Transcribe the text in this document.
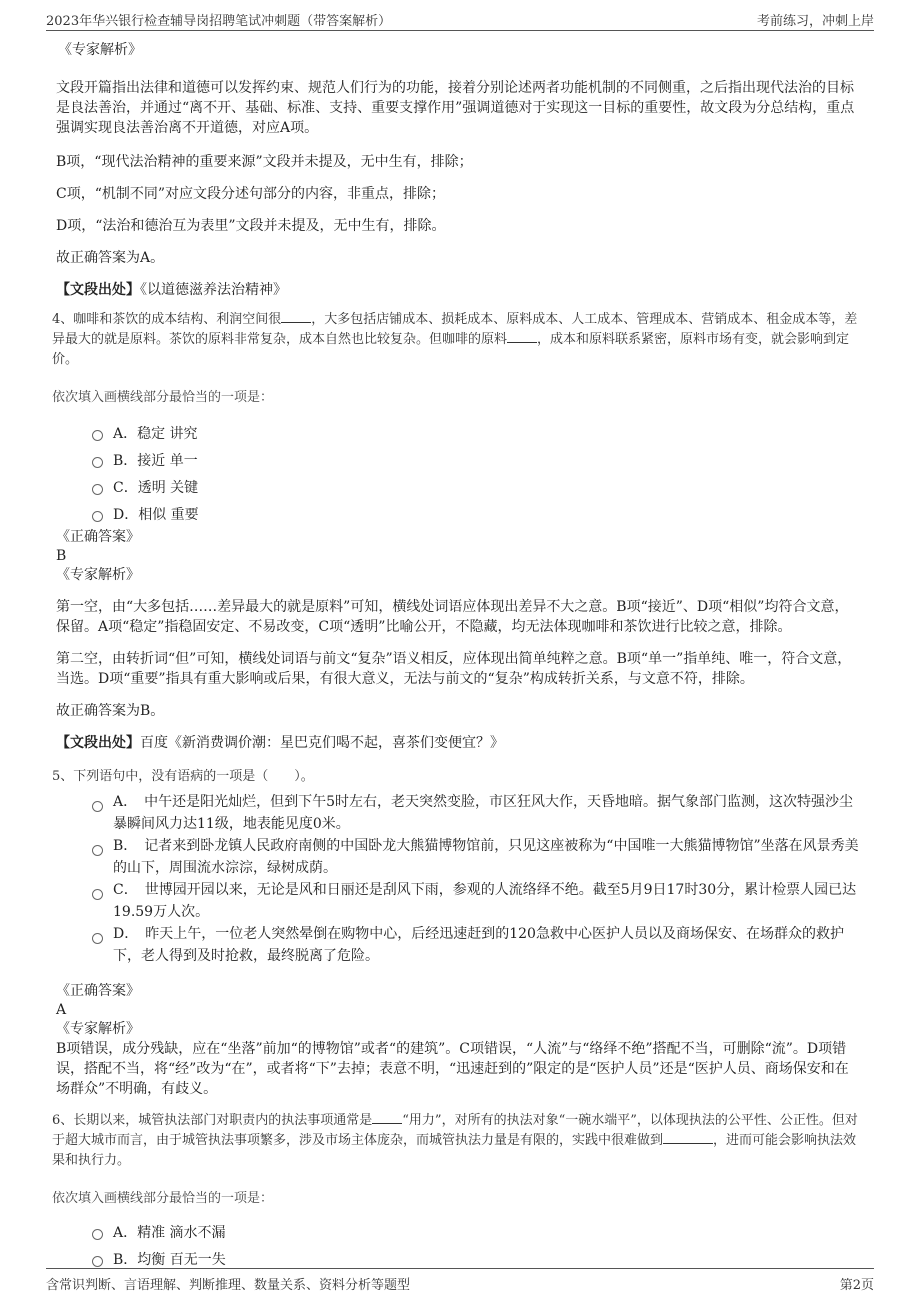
2023年华兴银行检查辅导岗招聘笔试冲刺题（带答案解析）	考前练习，冲刺上岸
《专家解析》

文段开篇指出法律和道德可以发挥约束、规范人们行为的功能，接着分别论述两者功能机制的不同侧重，之后指出现代法治的目标是良法善治，并通过“离不开、基础、标准、支持、重要支撑作用”强调道德对于实现这一目标的重要性，故文段为分总结构，重点强调实现良法善治离不开道德，对应A项。

B项，“现代法治精神的重要来源”文段并未提及，无中生有，排除；

C项，“机制不同”对应文段分述句部分的内容，非重点，排除；

D项，“法治和德治互为表里”文段并未提及，无中生有，排除。

故正确答案为A。

【文段出处】《以道德滋养法治精神》

4、咖啡和茶饮的成本结构、利润空间很 ，大多包括店铺成本、损耗成本、原料成本、人工成本、管理成本、营销成本、租金成本等，差异最大的就是原料。茶饮的原料非常复杂，成本自然也比较复杂。但咖啡的原料 ，成本和原料联系紧密，原料市场有变，就会影响到定价。

依次填入画横线部分最恰当的一项是：

A．稳定 讲究
B．接近 单一
C．透明 关键
D．相似 重要
《正确答案》

B

《专家解析》

第一空，由“大多包括……差异最大的就是原料”可知，横线处词语应体现出差异不大之意。B项“接近”、D项“相似”均符合文意，保留。A项“稳定”指稳固安定、不易改变，C项“透明”比喻公开，不隐藏，均无法体现咖啡和茶饮进行比较之意，排除。

第二空，由转折词“但”可知，横线处词语与前文“复杂”语义相反，应体现出简单纯粹之意。B项“单一”指单纯、唯一，符合文意，当选。D项“重要”指具有重大影响或后果，有很大意义，无法与前文的“复杂”构成转折关系，与文意不符，排除。

故正确答案为B。

【文段出处】百度《新消费调价潮：星巴克们喝不起，喜茶们变便宜？》

5、下列语句中，没有语病的一项是（　　）。

A．　中午还是阳光灿烂，但到下午5时左右，老天突然变脸，市区狂风大作，天昏地暗。据气象部门监测，这次特强沙尘暴瞬间风力达11级，地表能见度0米。
B．　记者来到卧龙镇人民政府南侧的中国卧龙大熊猫博物馆前，只见这座被称为“中国唯一大熊猫博物馆”坐落在风景秀美的山下，周围流水淙淙，绿树成荫。
C．　世博园开园以来，无论是风和日丽还是刮风下雨，参观的人流络绎不绝。截至5月9日17时30分，累计检票人园已达19.59万人次。
D．　昨天上午，一位老人突然晕倒在购物中心，后经迅速赶到的120急救中心医护人员以及商场保安、在场群众的救护下，老人得到及时抢救，最终脱离了危险。
《正确答案》

A

《专家解析》

B项错误，成分残缺，应在“坐落”前加“的博物馆”或者“的建筑”。C项错误，“人流”与“络绎不绝”搭配不当，可删除“流”。D项错误，搭配不当，将“经”改为“在”，或者将“下”去掉；表意不明，“迅速赶到的”限定的是“医护人员”还是“医护人员、商场保安和在场群众”不明确，有歧义。

6、长期以来，城管执法部门对职责内的执法事项通常是 “用力”，对所有的执法对象“一碗水端平”，以体现执法的公平性、公正性。但对于超大城市而言，由于城管执法事项繁多，涉及市场主体庞杂，而城管执法力量是有限的，实践中很难做到	，进而可能会影响执法效果和执行力。

依次填入画横线部分最恰当的一项是：

A．精准 滴水不漏
B．均衡 百无一失
含常识判断、言语理解、判断推理、数量关系、资料分析等题型	第2页
